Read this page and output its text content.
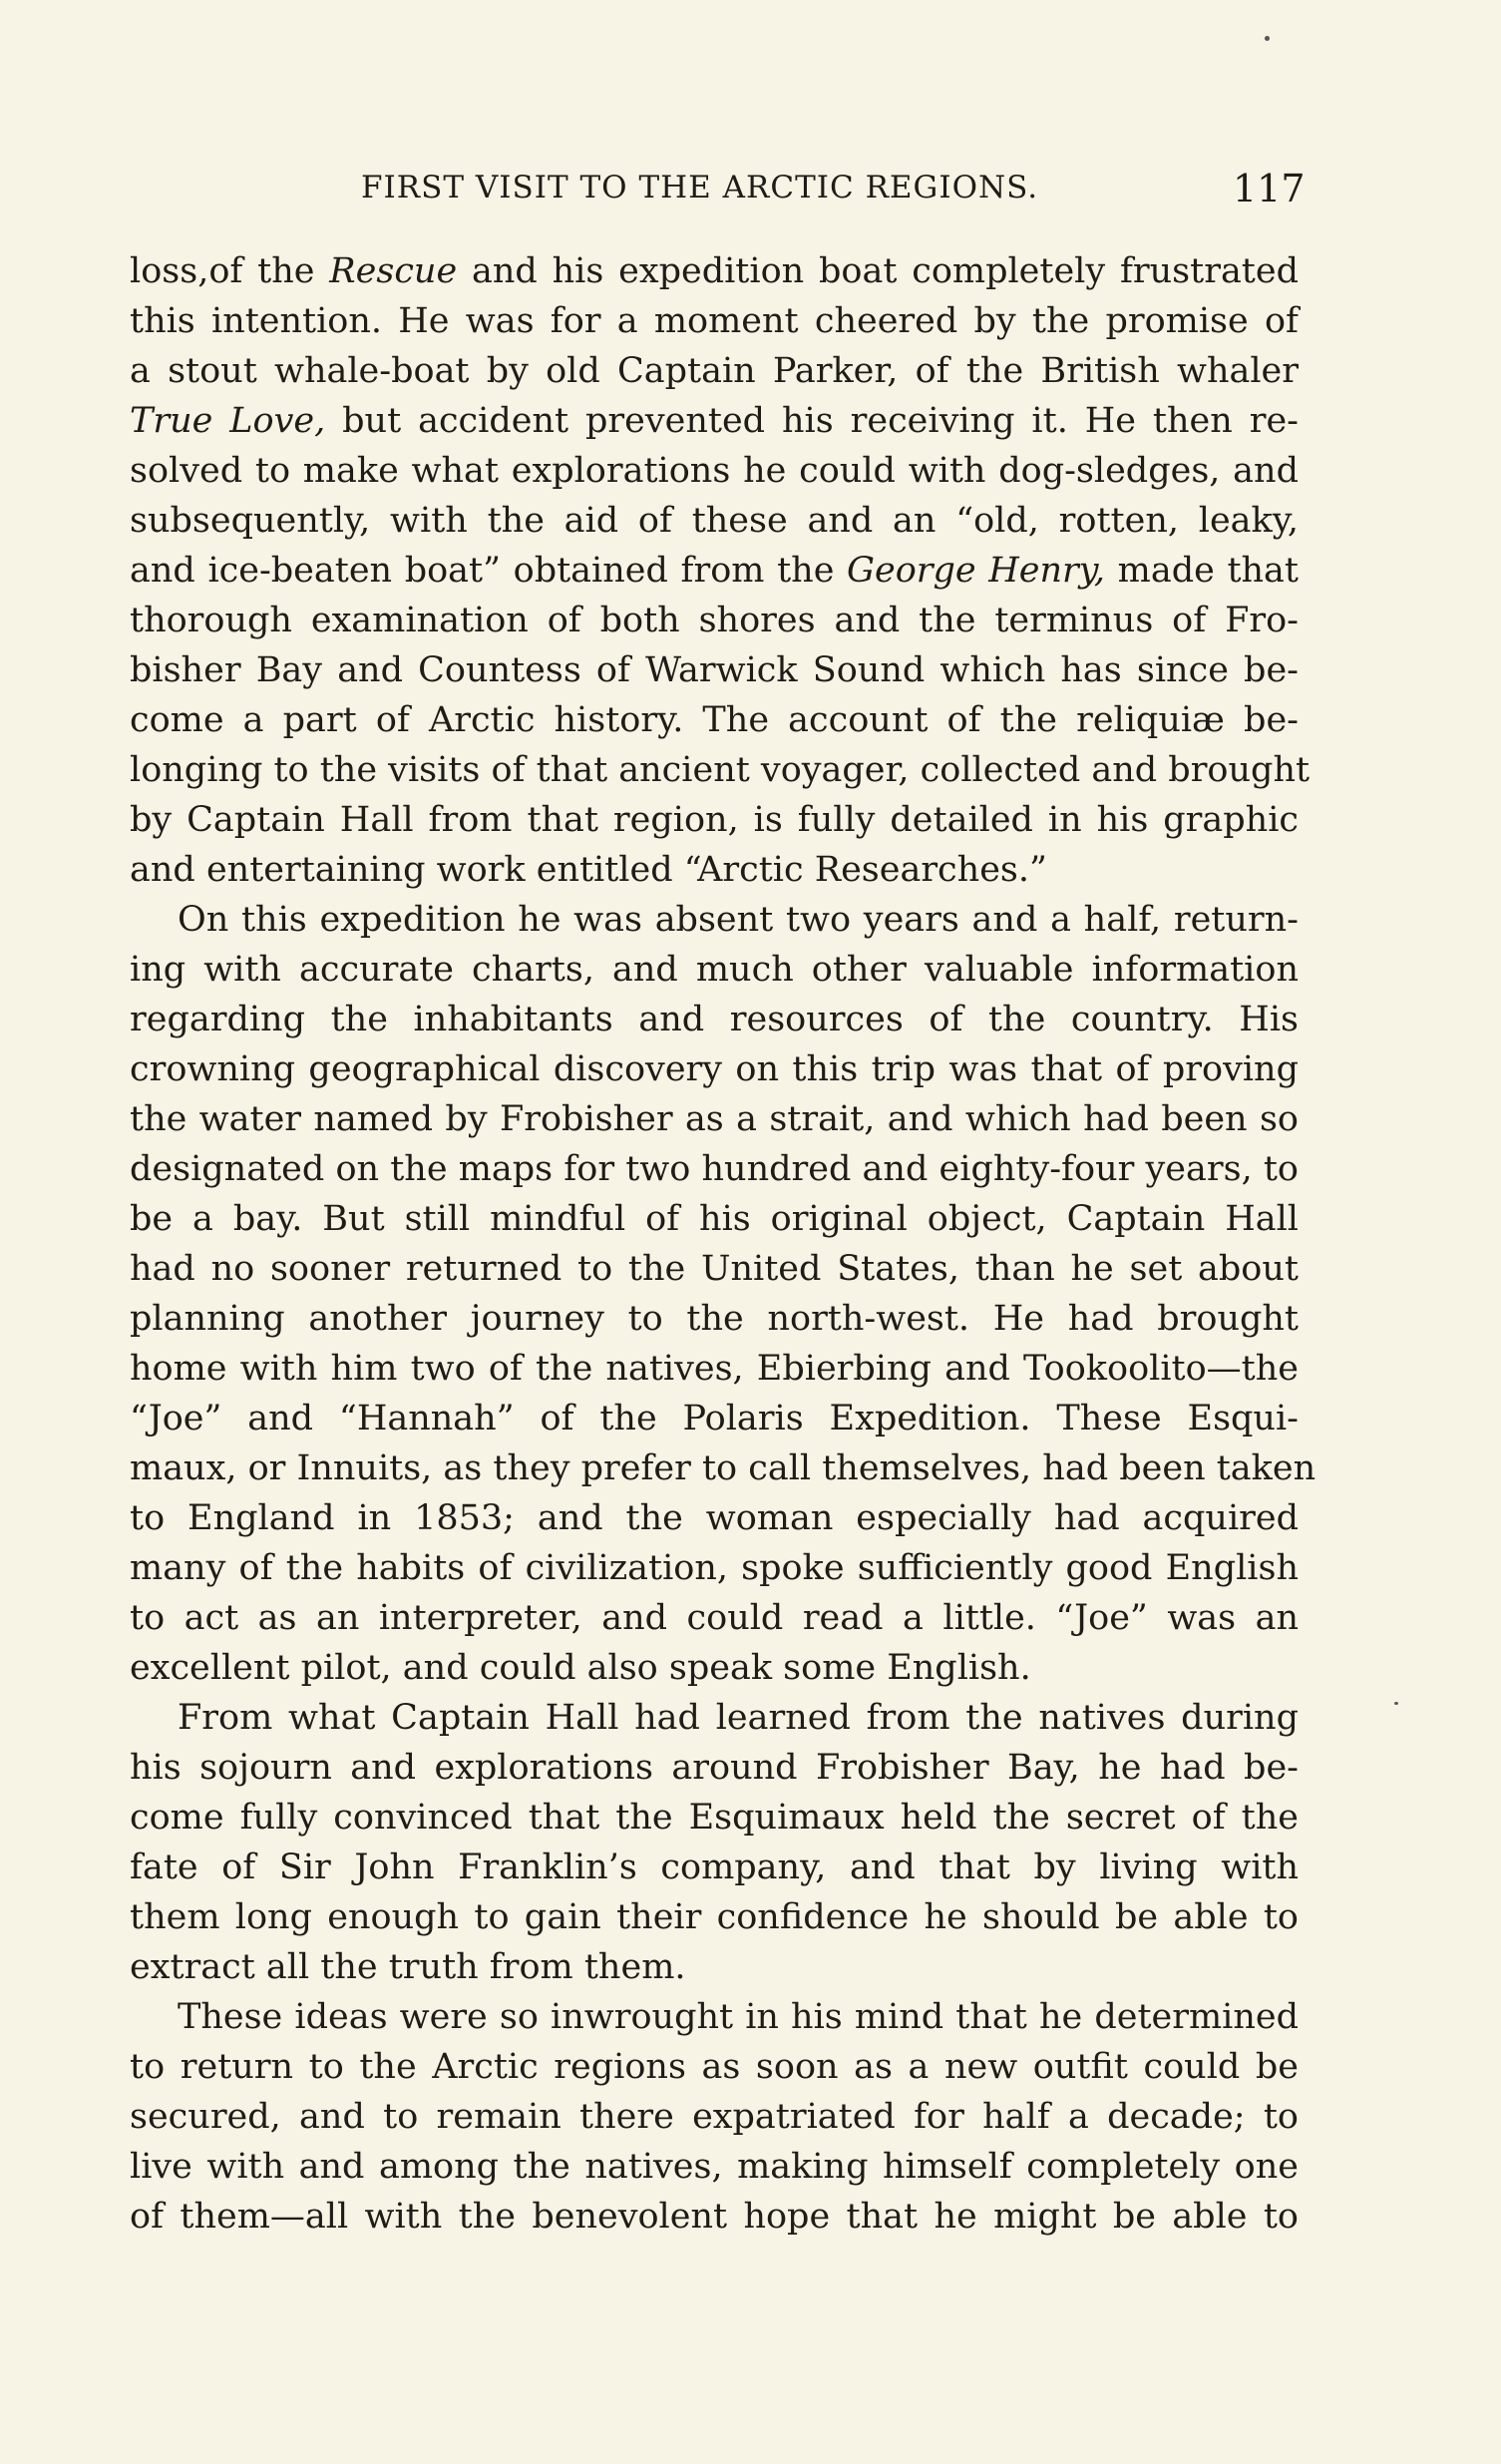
FIRST VISIT TO THE ARCTIC REGIONS.	117
loss,of the Rescue and his expedition boat completely frustrated
this intention. He was for a moment cheered by the promise of
a stout whale-boat by old Captain Parker, of the British whaler
True Love, but accident prevented his receiving it. He then re-
solved to make what explorations he could with dog-sledges, and
subsequently, with the aid of these and an “old, rotten, leaky,
and ice-beaten boat” obtained from the George Henry, made that
thorough examination of both shores and the terminus of Fro-
bisher Bay and Countess of Warwick Sound which has since be-
come a part of Arctic history. The account of the reliquiæ be-
longing to the visits of that ancient voyager, collected and brought
by Captain Hall from that region, is fully detailed in his graphic
and entertaining work entitled “Arctic Researches.”
On this expedition he was absent two years and a half, return-
ing with accurate charts, and much other valuable information
regarding the inhabitants and resources of the country. His
crowning geographical discovery on this trip was that of proving
the water named by Frobisher as a strait, and which had been so
designated on the maps for two hundred and eighty-four years, to
be a bay. But still mindful of his original object, Captain Hall
had no sooner returned to the United States, than he set about
planning another journey to the north-west. He had brought
home with him two of the natives, Ebierbing and Tookoolito—the
“Joe” and “Hannah” of the Polaris Expedition. These Esqui-
maux, or Innuits, as they prefer to call themselves, had been taken
to England in 1853; and the woman especially had acquired
many of the habits of civilization, spoke sufficiently good English
to act as an interpreter, and could read a little. “Joe” was an
excellent pilot, and could also speak some English.
From what Captain Hall had learned from the natives during
his sojourn and explorations around Frobisher Bay, he had be-
come fully convinced that the Esquimaux held the secret of the
fate of Sir John Franklin’s company, and that by living with
them long enough to gain their confidence he should be able to
extract all the truth from them.
These ideas were so inwrought in his mind that he determined
to return to the Arctic regions as soon as a new outfit could be
secured, and to remain there expatriated for half a decade; to
live with and among the natives, making himself completely one
of them—all with the benevolent hope that he might be able to
